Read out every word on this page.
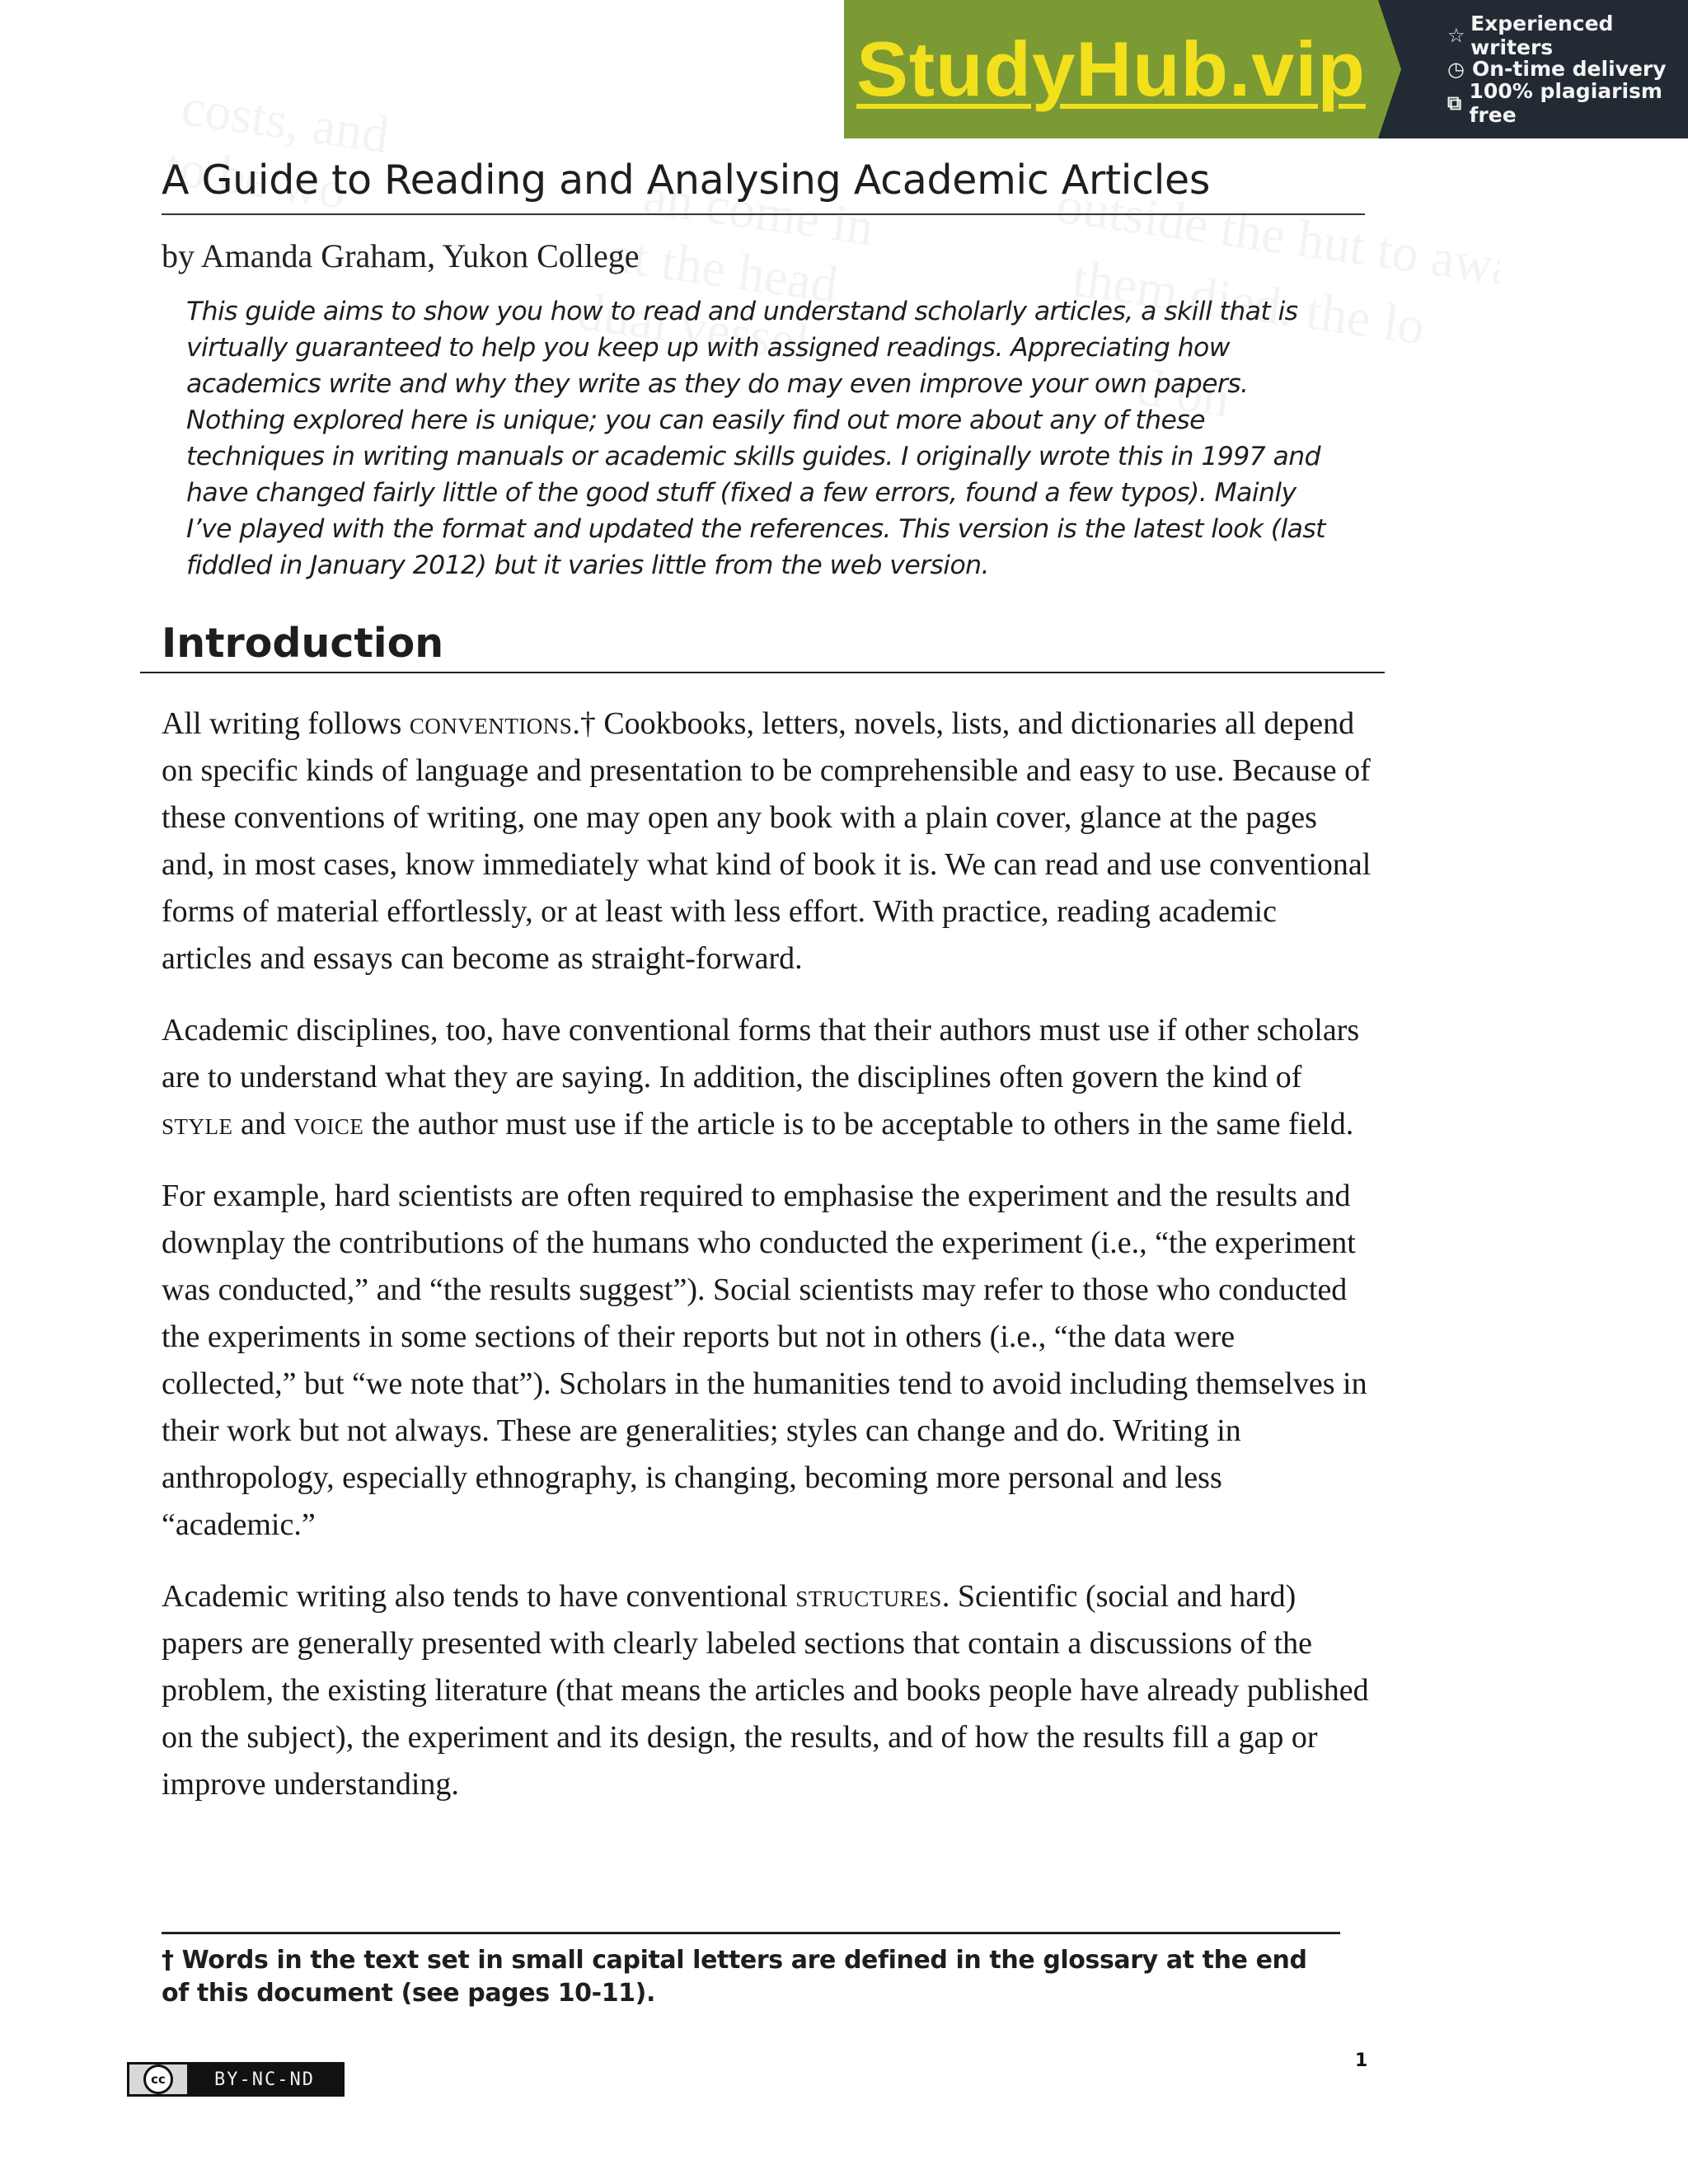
StudyHub.vip	☆ Experienced writers
◷ On-time delivery
⧉ 100% plagiarism free
A Guide to Reading and Analysing Academic Articles
by Amanda Graham, Yukon College
This guide aims to show you how to read and understand scholarly articles, a skill that is virtually guaranteed to help you keep up with assigned readings. Appreciating how academics write and why they write as they do may even improve your own papers. Nothing explored here is unique; you can easily find out more about any of these techniques in writing manuals or academic skills guides. I originally wrote this in 1997 and have changed fairly little of the good stuff (fixed a few errors, found a few typos). Mainly I’ve played with the format and updated the references. This version is the latest look (last fiddled in January 2012) but it varies little from the web version.
Introduction

All writing follows conventions.† Cookbooks, letters, novels, lists, and dictionaries all depend on specific kinds of language and presentation to be comprehensible and easy to use. Because of these conventions of writing, one may open any book with a plain cover, glance at the pages and, in most cases, know immediately what kind of book it is. We can read and use conventional forms of material effortlessly, or at least with less effort. With practice, reading academic articles and essays can become as straight-forward.

Academic disciplines, too, have conventional forms that their authors must use if other scholars are to understand what they are saying. In addition, the disciplines often govern the kind of style and voice the author must use if the article is to be acceptable to others in the same field.

For example, hard scientists are often required to emphasise the experiment and the results and downplay the contributions of the humans who conducted the experiment (i.e., “the experiment was conducted,” and “the results suggest”). Social scientists may refer to those who conducted the experiments in some sections of their reports but not in others (i.e., “the data were collected,” but “we note that”). Scholars in the humanities tend to avoid including themselves in their work but not always. These are generalities; styles can change and do. Writing in anthropology, especially ethnography, is changing, becoming more personal and less “academic.”

Academic writing also tends to have conventional structures. Scientific (social and hard) papers are generally presented with clearly labeled sections that contain a discussions of the problem, the existing literature (that means the articles and books people have already published on the subject), the experiment and its design, the results, and of how the results fill a gap or improve understanding.

† Words in the text set in small capital letters are defined in the glossary at the end of this document (see pages 10-11).
1
cc	BY-NC-ND
